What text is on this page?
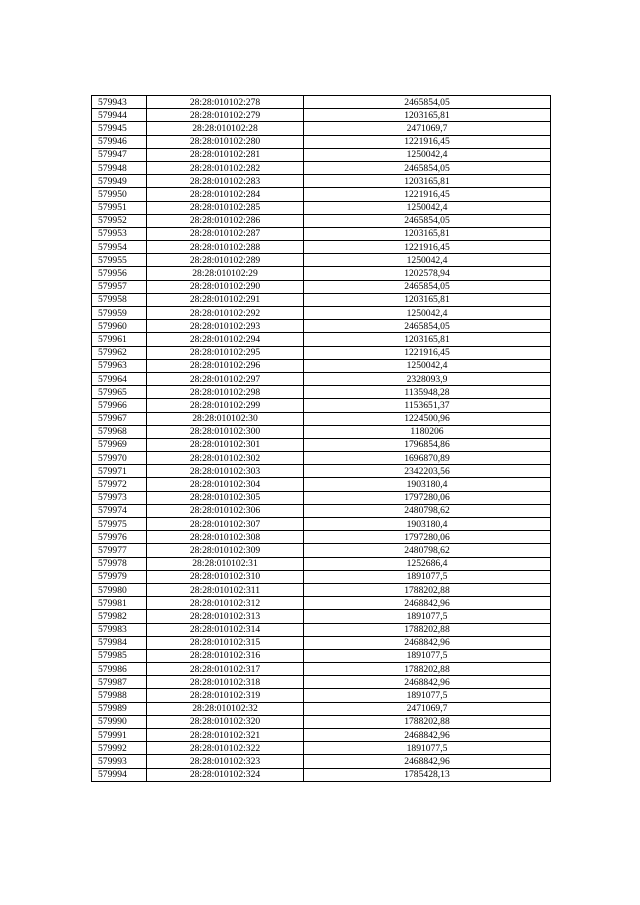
579943	28:28:010102:278	2465854,05
579944	28:28:010102:279	1203165,81
579945	28:28:010102:28	2471069,7
579946	28:28:010102:280	1221916,45
579947	28:28:010102:281	1250042,4
579948	28:28:010102:282	2465854,05
579949	28:28:010102:283	1203165,81
579950	28:28:010102:284	1221916,45
579951	28:28:010102:285	1250042,4
579952	28:28:010102:286	2465854,05
579953	28:28:010102:287	1203165,81
579954	28:28:010102:288	1221916,45
579955	28:28:010102:289	1250042,4
579956	28:28:010102:29	1202578,94
579957	28:28:010102:290	2465854,05
579958	28:28:010102:291	1203165,81
579959	28:28:010102:292	1250042,4
579960	28:28:010102:293	2465854,05
579961	28:28:010102:294	1203165,81
579962	28:28:010102:295	1221916,45
579963	28:28:010102:296	1250042,4
579964	28:28:010102:297	2328093,9
579965	28:28:010102:298	1135948,28
579966	28:28:010102:299	1153651,37
579967	28:28:010102:30	1224500,96
579968	28:28:010102:300	1180206
579969	28:28:010102:301	1796854,86
579970	28:28:010102:302	1696870,89
579971	28:28:010102:303	2342203,56
579972	28:28:010102:304	1903180,4
579973	28:28:010102:305	1797280,06
579974	28:28:010102:306	2480798,62
579975	28:28:010102:307	1903180,4
579976	28:28:010102:308	1797280,06
579977	28:28:010102:309	2480798,62
579978	28:28:010102:31	1252686,4
579979	28:28:010102:310	1891077,5
579980	28:28:010102:311	1788202,88
579981	28:28:010102:312	2468842,96
579982	28:28:010102:313	1891077,5
579983	28:28:010102:314	1788202,88
579984	28:28:010102:315	2468842,96
579985	28:28:010102:316	1891077,5
579986	28:28:010102:317	1788202,88
579987	28:28:010102:318	2468842,96
579988	28:28:010102:319	1891077,5
579989	28:28:010102:32	2471069,7
579990	28:28:010102:320	1788202,88
579991	28:28:010102:321	2468842,96
579992	28:28:010102:322	1891077,5
579993	28:28:010102:323	2468842,96
579994	28:28:010102:324	1785428,13
